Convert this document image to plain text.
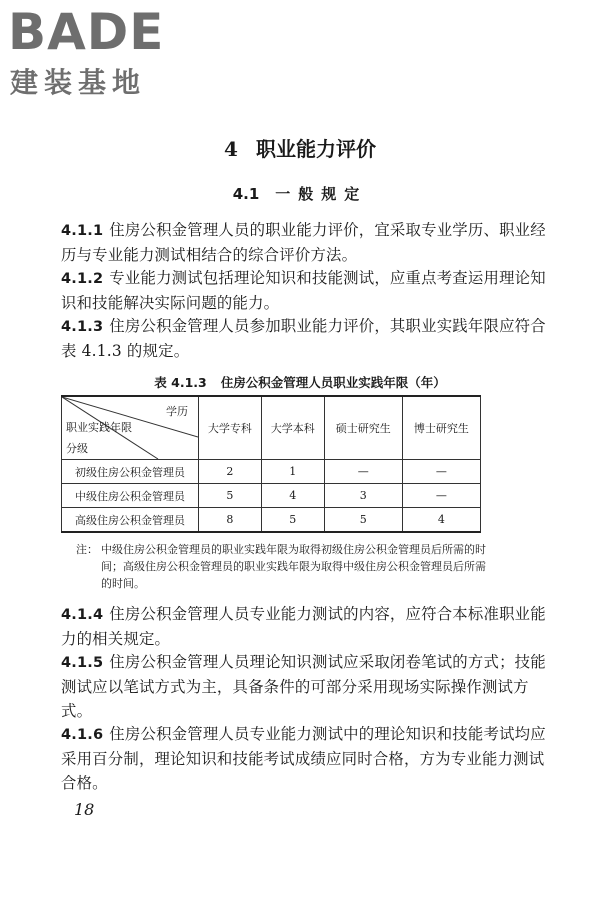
BADE
建装基地
4 职业能力评价
4.1 一般规定
4.1.1 住房公积金管理人员的职业能力评价，宜采取专业学历、职业经历与专业能力测试相结合的综合评价方法。
4.1.2 专业能力测试包括理论知识和技能测试，应重点考查运用理论知识和技能解决实际问题的能力。
4.1.3 住房公积金管理人员参加职业能力评价，其职业实践年限应符合表 4.1.3 的规定。
表 4.1.3 住房公积金管理人员职业实践年限（年）
学历
职业实践年限
分级	大学专科	大学本科	硕士研究生	博士研究生
初级住房公积金管理员	2	1	—	—
中级住房公积金管理员	5	4	3	—
高级住房公积金管理员	8	5	5	4
注： 中级住房公积金管理员的职业实践年限为取得初级住房公积金管理员后所需的时间；高级住房公积金管理员的职业实践年限为取得中级住房公积金管理员后所需的时间。
4.1.4 住房公积金管理人员专业能力测试的内容，应符合本标准职业能力的相关规定。
4.1.5 住房公积金管理人员理论知识测试应采取闭卷笔试的方式；技能测试应以笔试方式为主，具备条件的可部分采用现场实际操作测试方式。
4.1.6 住房公积金管理人员专业能力测试中的理论知识和技能考试均应采用百分制，理论知识和技能考试成绩应同时合格，方为专业能力测试合格。
18
